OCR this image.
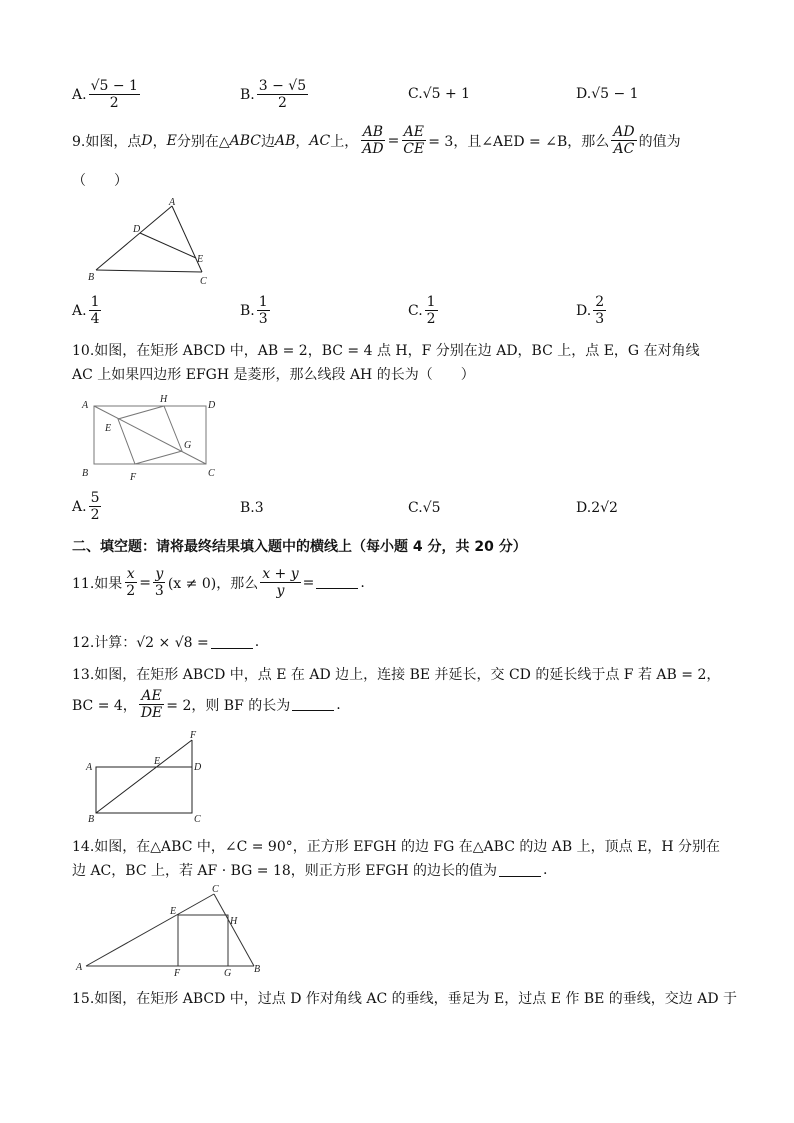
A. $\frac{√5 - 1}{2}$	B. $\frac{3 - √5}{2}$	C. √5 + 1	D. √5 − 1
9.如图，点 D ， E 分别在△ ABC 边 AB ， AC 上， $\frac{AB}{AD} = \frac{AE}{CE} = 3$，且∠AED = ∠B，那么 $\frac{AD}{AC}$ 的值为
（　　）
A
D
E
B	C
A. $\frac{1}{4}$	B. $\frac{1}{3}$	C. $\frac{1}{2}$	D. $\frac{2}{3}$
10.如图，在矩形 ABCD 中，AB = 2，BC = 4 点 H，F 分别在边 AD，BC 上，点 E，G 在对角线
AC 上如果四边形 EFGH 是菱形，那么线段 AH 的长为（　　）
A
H
D
E
G
B	F	C
A. $\frac{5}{2}$	B. 3	C. √5	D. 2√2
二、填空题：请将最终结果填入题中的横线上（每小题 4 分，共 20 分）
11.如果 $\frac{x}{2} = \frac{y}{3} (x \ne 0)$，那么 $\frac{x + y}{y}$ =	.
12.计算：√2 × √8 =	.
13.如图，在矩形 ABCD 中，点 E 在 AD 边上，连接 BE 并延长，交 CD 的延长线于点 F 若 AB = 2，
BC = 4， $\frac{AE}{DE} = 2$，则 BF 的长为	.
F
A
E
D
B	C
14.如图，在△ABC 中，∠C = 90°，正方形 EFGH 的边 FG 在△ABC 的边 AB 上，顶点 E，H 分别在
边 AC，BC 上，若 AF · BG = 18，则正方形 EFGH 的边长的值为	.
C
E
H
A
F	G B
15.如图，在矩形 ABCD 中，过点 D 作对角线 AC 的垂线，垂足为 E，过点 E 作 BE 的垂线，交边 AD 于
